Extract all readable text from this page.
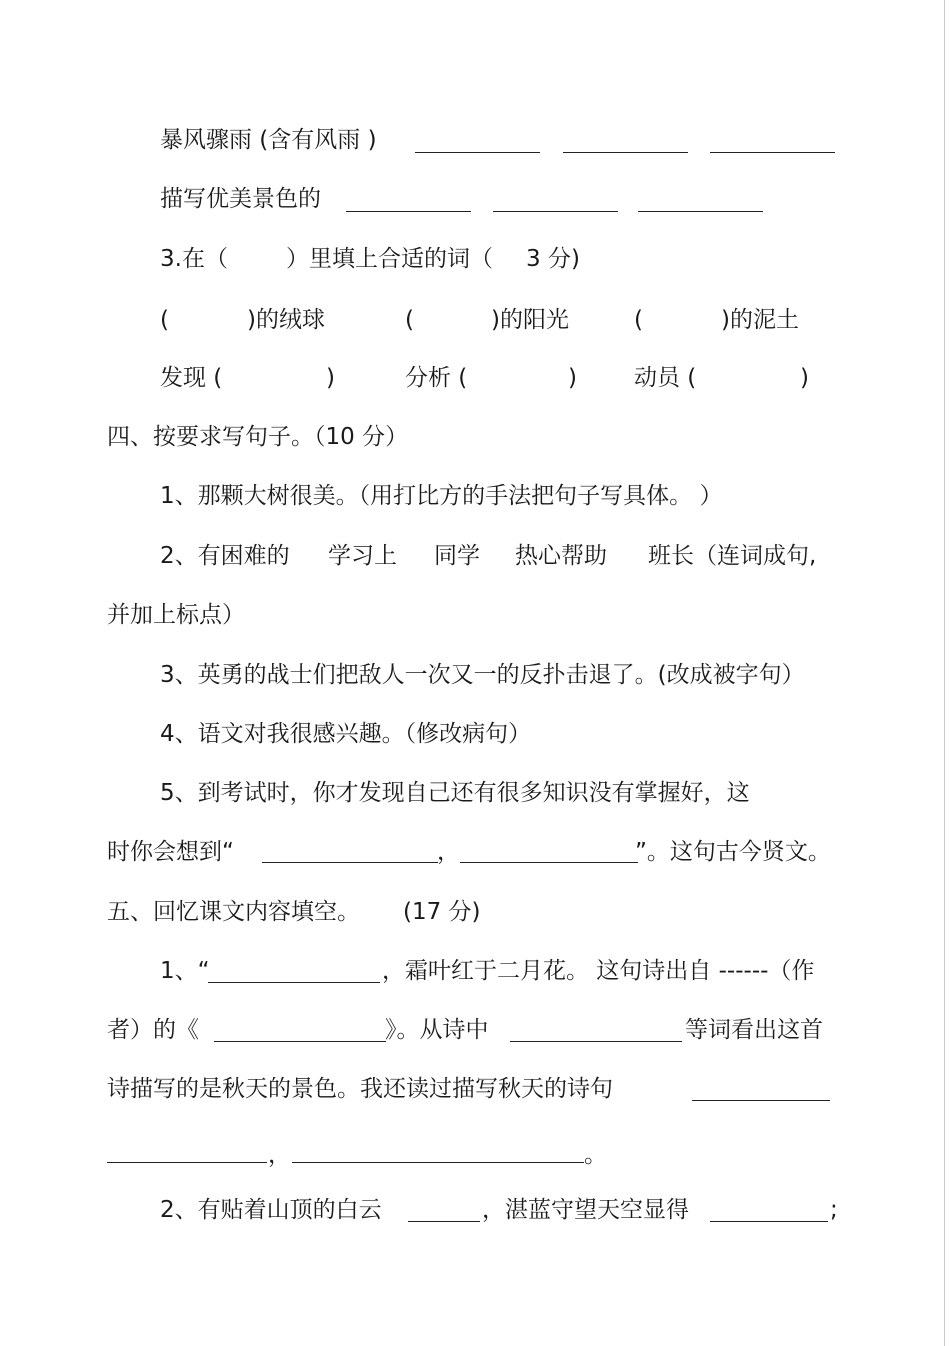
暴风骤雨 (含有风雨 )
描写优美景色的
3.在（	）里填上合适的词（ 3 分)
(	)的绒球	(	)的阳光	(	)的泥土
发现 (	)	分析 (	) 动员 (	)
四、按要求写句子。（10 分）
1、那颗大树很美。（用打比方的手法把句子写具体。 ）
2、有困难的 学习上 同学 热心帮助 班长（连词成句,
并加上标点）
3、英勇的战士们把敌人一次又一的反扑击退了。(改成被字句）
4、语文对我很感兴趣。（修改病句）
5、到考试时，你才发现自己还有很多知识没有掌握好，这
时你会想到“	，	”。这句古今贤文。
五、回忆课文内容填空。 (17 分)
1、“	，霜叶红于二月花。 这句诗出自 ------（作
者）的《	》。从诗中	等词看出这首
诗描写的是秋天的景色。我还读过描写秋天的诗句
，	。
2、有贴着山顶的白云	，湛蓝守望天空显得	;
